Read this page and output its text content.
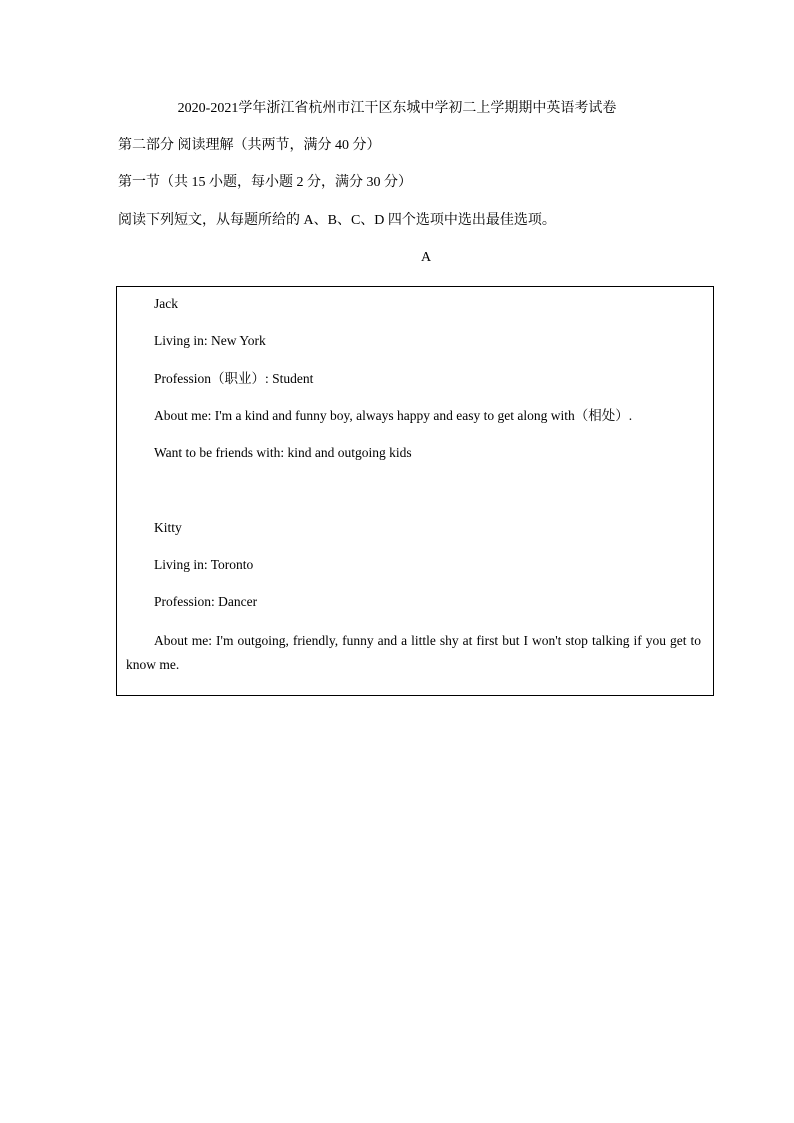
2020-2021学年浙江省杭州市江干区东城中学初二上学期期中英语考试卷
第二部分 阅读理解（共两节，满分 40 分）
第一节（共 15 小题，每小题 2 分，满分 30 分）
阅读下列短文，从每题所给的 A、B、C、D 四个选项中选出最佳选项。
A
Jack
Living in: New York
Profession（职业）: Student
About me: I'm a kind and funny boy, always happy and easy to get along with（相处）.
Want to be friends with: kind and outgoing kids
Kitty
Living in: Toronto
Profession: Dancer
About me: I'm outgoing, friendly, funny and a little shy at first but I won't stop talking if you get to know me.
